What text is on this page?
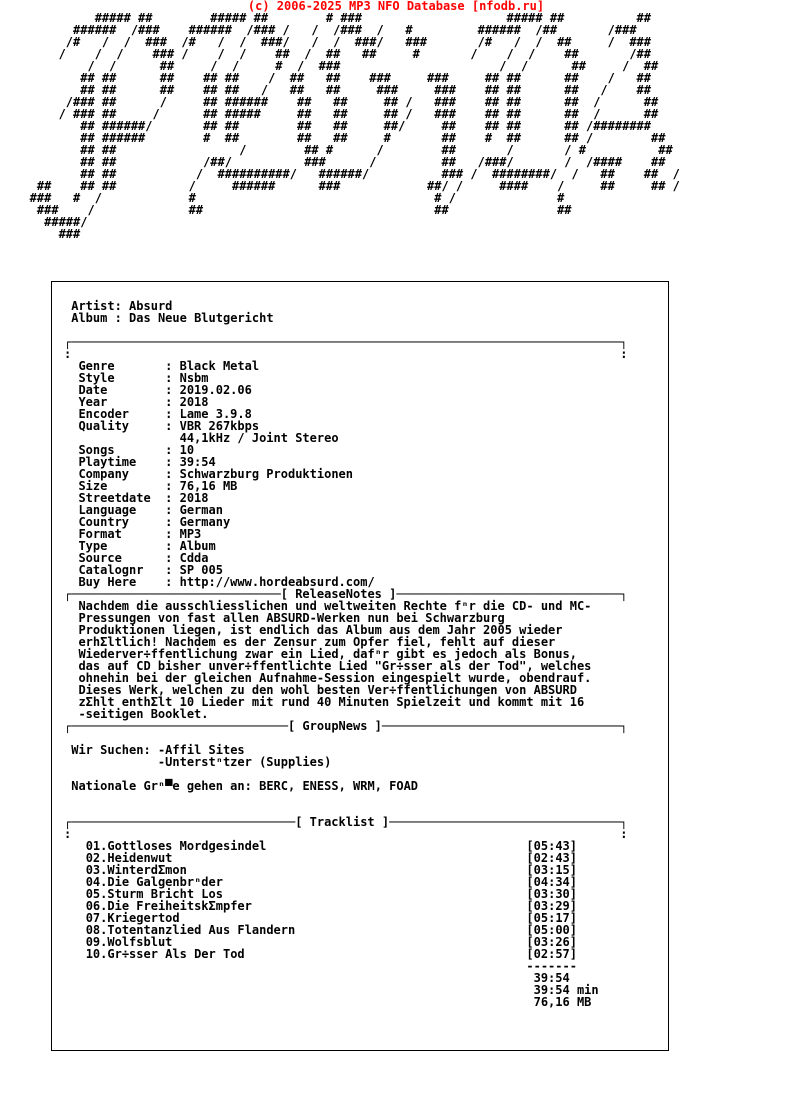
(c) 2006-2025 MP3 NFO Database [nfodb.ru]
##### ##        ##### ##        # ###                    ##### ##          ##
######  /###    ######  /### /   /  /###  /   #         ######  /##       /###
/#   /  /  ###  /#   /  /  ###/   /  /  ###/   ###       /#   /  /  ##     /  ###
/    /  /    ### /    /  /    ##  /  ##   ##     #       /    /  /    ##       /##
/  /      ##     /  /     #  /  ###                      /  /      ##     /  ##
## ##      ##    ## ##    /  ##   ##    ###     ###     ## ##      ##    /   ##
## ##      ##    ## ##   /   ##   ##     ###     ###    ## ##      ##   /    ##
/### ##      /     ## ######    ##   ##     ## /   ###    ## ##      ##  /      ##
/ ### ##     /      ## #####     ##   ##     ## /   ###    ## ##      ##  /      ##
## ######/       ## ##        ##   ##     ##/     ##    ## ##      ## /########
## ######        #  ##        ##   ##     #       ##    #  ##      ## /        ##
## ##                 /        ## #      /        ##       /       / #          ##
## ##            /##/          ###      /         ##   /###/       /  /####    ##
## ##           /  ##########/   ######/          ### /  ########/  /   ##    ##  /
##    ## ##          /     ######      ###            ##/ /     ####    /     ##     ## /
###   #  /            #                                 # /              #
###    /             ##                                ##               ##
#####/
###

Artist: Absurd
Album : Das Neue Blutgericht

┌────────────────────────────────────────────────────────────────────────────┐
:                                                                            :
Genre       : Black Metal
Style       : Nsbm
Date        : 2019.02.06
Year        : 2018
Encoder     : Lame 3.9.8
Quality     : VBR 267kbps
44,1kHz / Joint Stereo
Songs       : 10
Playtime    : 39:54
Company     : Schwarzburg Produktionen
Size        : 76,16 MB
Streetdate  : 2018
Language    : German
Country     : Germany
Format      : MP3
Type        : Album
Source      : Cdda
Catalognr   : SP 005
Buy Here    : http://www.hordeabsurd.com/
┌─────────────────────────────[ ReleaseNotes ]───────────────────────────────┐
Nachdem die ausschliesslichen und weltweiten Rechte fⁿr die CD- und MC-
Pressungen von fast allen ABSURD-Werken nun bei Schwarzburg
Produktionen liegen, ist endlich das Album aus dem Jahr 2005 wieder
erhΣltlich! Nachdem es der Zensur zum Opfer fiel, fehlt auf dieser
Wiederver÷ffentlichung zwar ein Lied, dafⁿr gibt es jedoch als Bonus,
das auf CD bisher unver÷ffentlichte Lied "Gr÷sser als der Tod", welches
ohnehin bei der gleichen Aufnahme-Session eingespielt wurde, obendrauf.
Dieses Werk, welchen zu den wohl besten Ver÷ffentlichungen von ABSURD
zΣhlt enthΣlt 10 Lieder mit rund 40 Minuten Spielzeit und kommt mit 16
-seitigen Booklet.
┌──────────────────────────────[ GroupNews ]─────────────────────────────────┐

Wir Suchen: -Affil Sites
-Unterstⁿtzer (Supplies)

Nationale Grⁿ▀e gehen an: BERC, ENESS, WRM, FOAD

┌───────────────────────────────[ Tracklist ]────────────────────────────────┐
:                                                                            :
01.Gottloses Mordgesindel                                    [05:43]
02.Heidenwut                                                 [02:43]
03.WinterdΣmon                                               [03:15]
04.Die Galgenbrⁿder                                          [04:34]
05.Sturm Bricht Los                                          [03:30]
06.Die FreiheitskΣmpfer                                      [03:29]
07.Kriegertod                                                [05:17]
08.Totentanzlied Aus Flandern                                [05:00]
09.Wolfsblut                                                 [03:26]
10.Gr÷sser Als Der Tod                                       [02:57]
-------
39:54
39:54 min
76,16 MB
